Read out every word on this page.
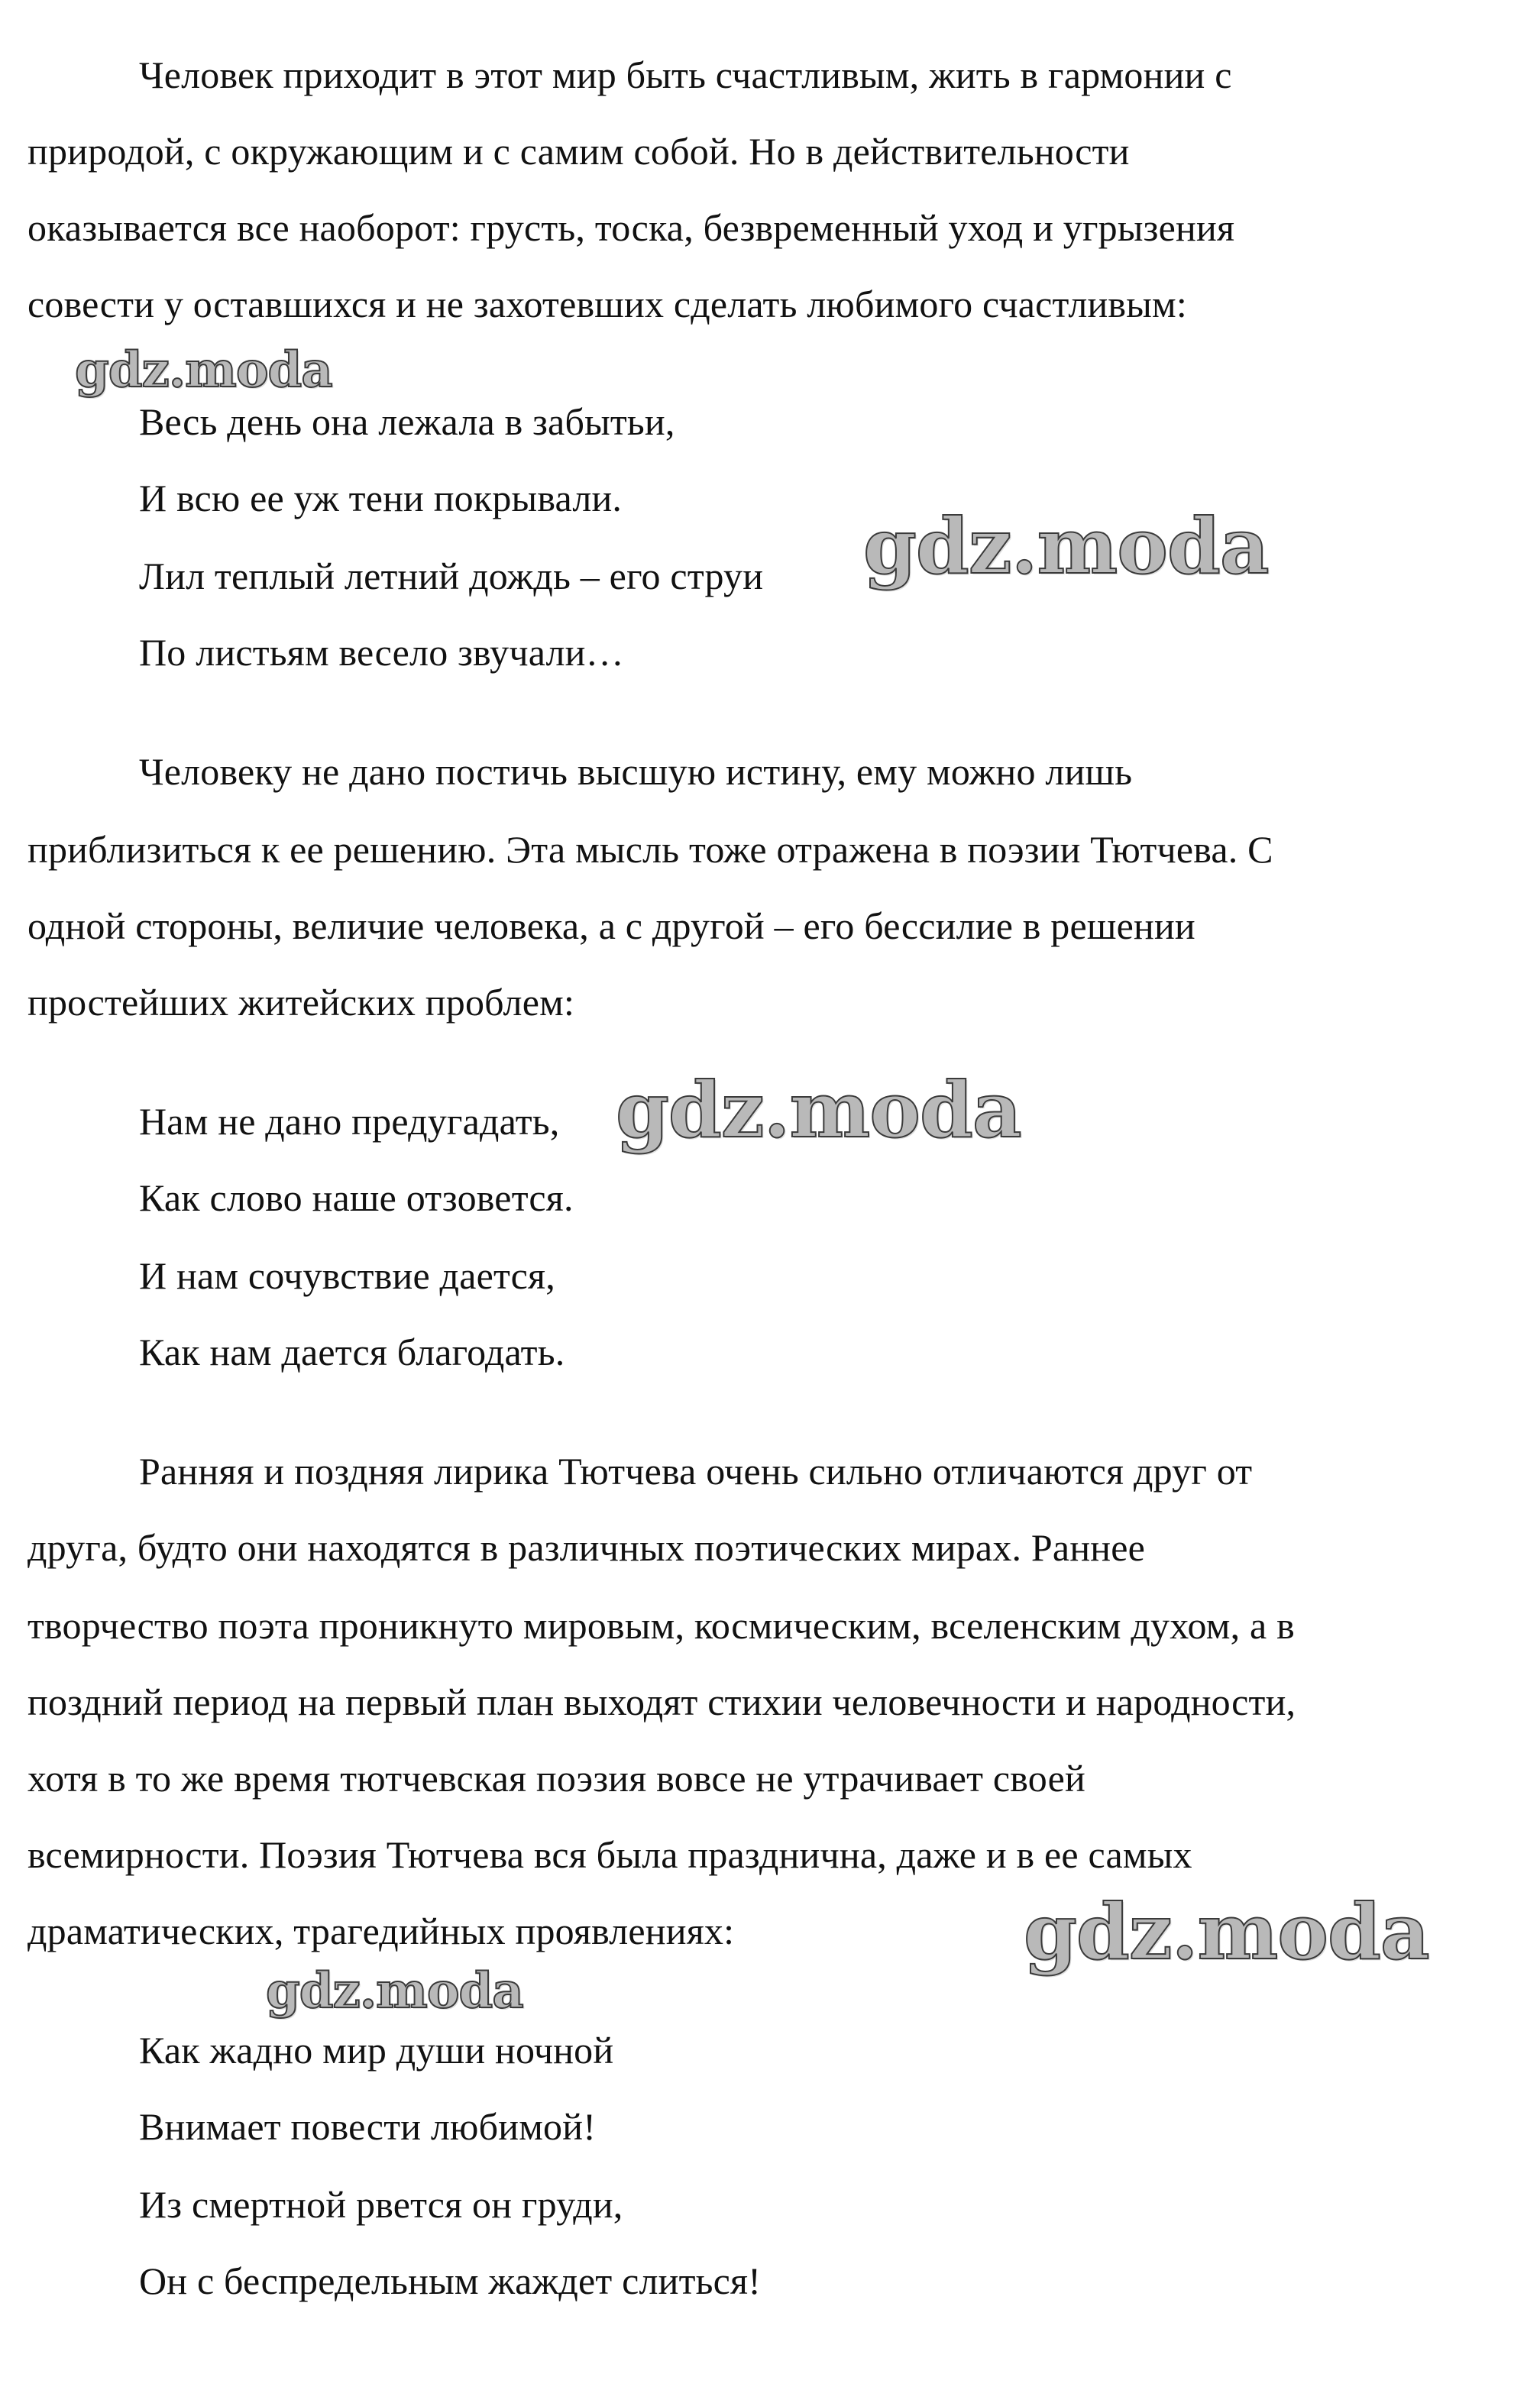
Человек приходит в этот мир быть счастливым, жить в гармонии с
природой, с окружающим и с самим собой. Но в действительности
оказывается все наоборот: грусть, тоска, безвременный уход и угрызения
совести у оставшихся и не захотевших сделать любимого счастливым:
Весь день она лежала в забытьи,
И всю ее уж тени покрывали.
Лил теплый летний дождь – его струи
По листьям весело звучали…
Человеку не дано постичь высшую истину, ему можно лишь
приблизиться к ее решению. Эта мысль тоже отражена в поэзии Тютчева. С
одной стороны, величие человека, а с другой – его бессилие в решении
простейших житейских проблем:
Нам не дано предугадать,
Как слово наше отзовется.
И нам сочувствие дается,
Как нам дается благодать.
Ранняя и поздняя лирика Тютчева очень сильно отличаются друг от
друга, будто они находятся в различных поэтических мирах. Раннее
творчество поэта проникнуто мировым, космическим, вселенским духом, а в
поздний период на первый план выходят стихии человечности и народности,
хотя в то же время тютчевская поэзия вовсе не утрачивает своей
всемирности. Поэзия Тютчева вся была празднична, даже и в ее самых
драматических, трагедийных проявлениях:
Как жадно мир души ночной
Внимает повести любимой!
Из смертной рвется он груди,
Он с беспредельным жаждет слиться!
gdz.moda
gdz.moda
gdz.moda
gdz.moda
gdz.moda
